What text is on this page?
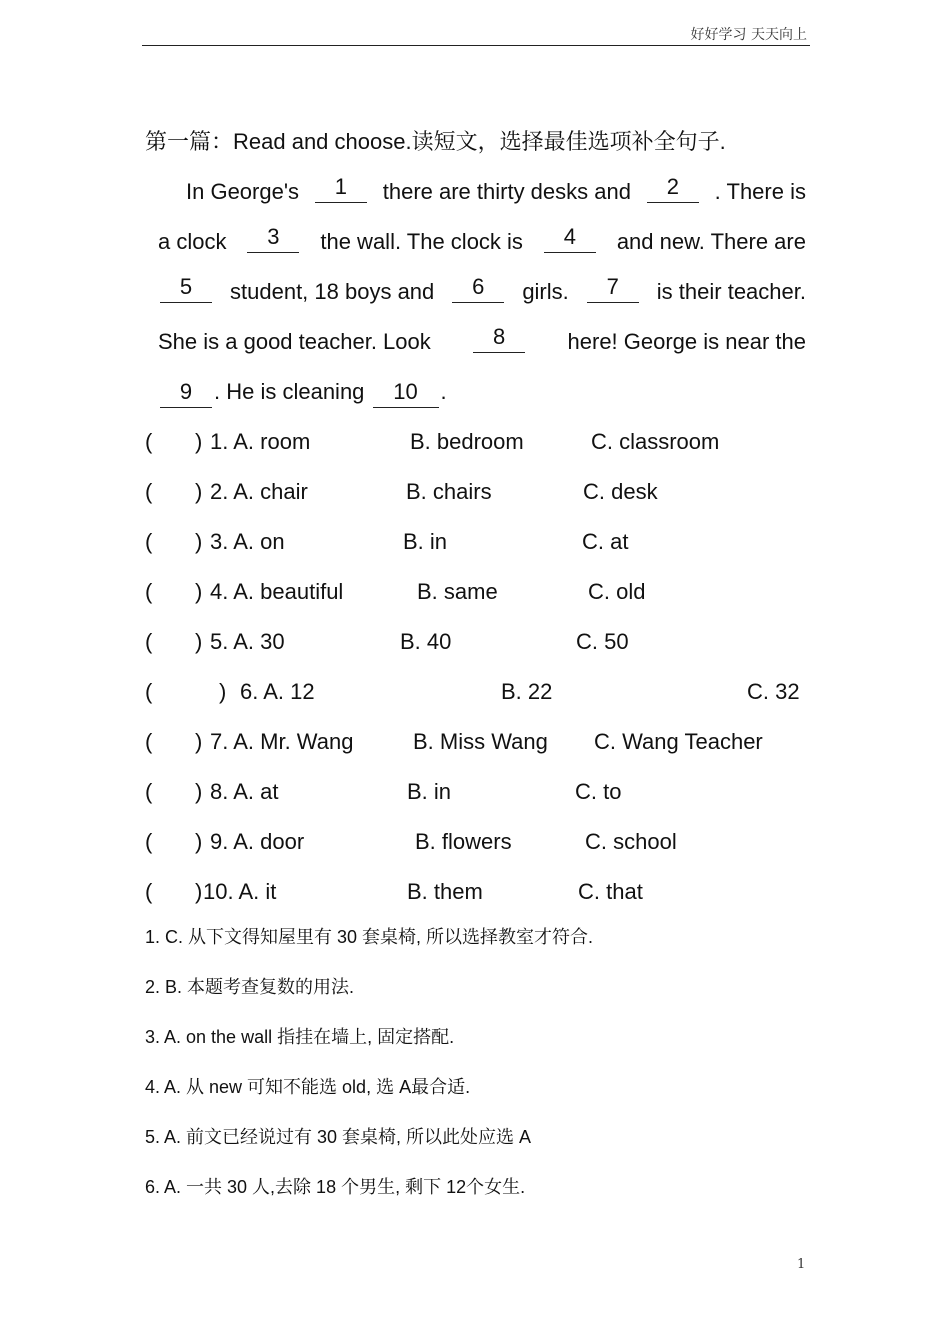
好好学习 天天向上
第一篇：Read and choose.读短文，选择最佳选项补全句子.
In George's	1	there are thirty desks and	2	. There is
a clock	3	the wall. The clock is	4	and new. There are
5	student, 18 boys and	6	girls.	7	is their teacher.
She is a good teacher. Look	8	here! George is near the
9 . He is cleaning 10 .
( ) 1. A. room	B. bedroom	C. classroom
( ) 2. A. chair	B. chairs	C. desk
( ) 3. A. on	B. in	C. at
( ) 4. A. beautiful	B. same	C. old
( ) 5. A. 30	B. 40	C. 50
(	) 6. A. 12	B. 22	C. 32
( ) 7. A. Mr. Wang	B. Miss Wang C. Wang Teacher
( ) 8. A. at	B. in	C. to
( ) 9. A. door	B. flowers	C. school
( ) 10. A. it	B. them	C. that
1. C. 从下文得知屋里有 30 套桌椅, 所以选择教室才符合.
2. B. 本题考查复数的用法.
3. A. on the wall 指挂在墙上, 固定搭配.
4. A. 从 new 可知不能选 old, 选 A最合适.
5. A. 前文已经说过有 30 套桌椅, 所以此处应选 A
6. A. 一共 30 人,去除 18 个男生, 剩下 12个女生.
1
